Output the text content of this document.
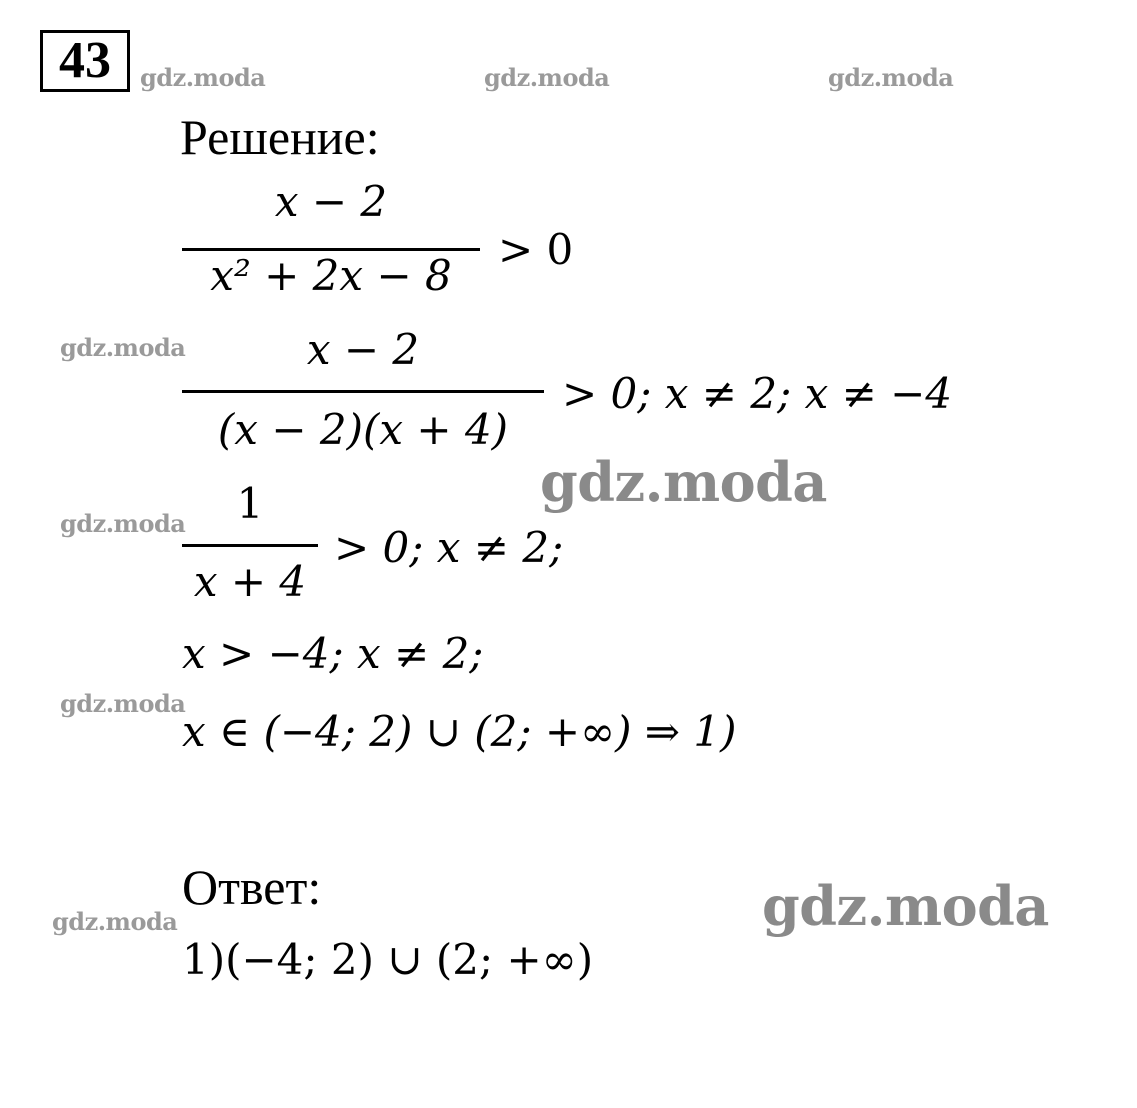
43	gdz.moda	gdz.moda	gdz.moda
gdz.moda
gdz.moda
gdz.moda
gdz.moda
gdz.moda
gdz.moda
Решение:
x − 2
x² + 2x − 8
> 0
x − 2
(x − 2)(x + 4)
> 0; x ≠ 2; x ≠ −4
1
x + 4
> 0; x ≠ 2;
x > −4; x ≠ 2;
x ∈ (−4; 2) ∪ (2; +∞) ⇒ 1)
Ответ:
1)(−4; 2) ∪ (2; +∞)
